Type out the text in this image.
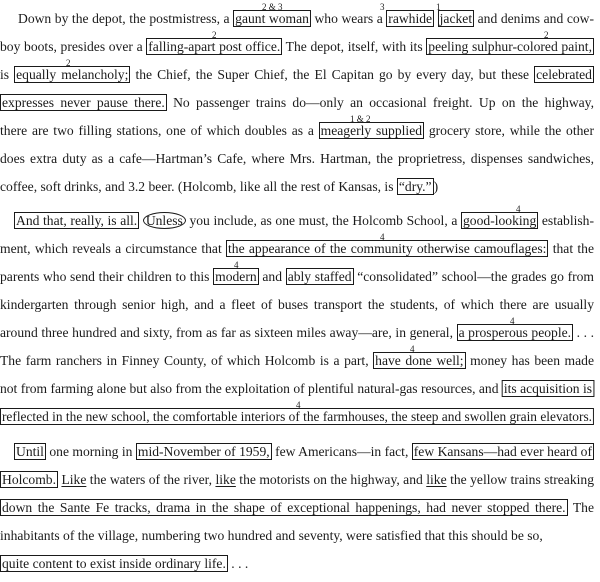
Down by the depot, the postmistress, a gaunt woman who wears a rawhide jacket and denims and cow-
boy boots, presides over a falling-apart post office. The depot, itself, with its peeling sulphur-colored paint,
is equally melancholy; the Chief, the Super Chief, the El Capitan go by every day, but these celebrated
expresses never pause there. No passenger trains do—only an occasional freight. Up on the highway,
there are two filling stations, one of which doubles as a meagerly supplied grocery store, while the other
does extra duty as a cafe—Hartman’s Cafe, where Mrs. Hartman, the proprietress, dispenses sandwiches,
coffee, soft drinks, and 3.2 beer. (Holcomb, like all the rest of Kansas, is “dry.” )
And that, really, is all. Unless you include, as one must, the Holcomb School, a good-looking establish-
ment, which reveals a circumstance that the appearance of the community otherwise camouflages: that the
parents who send their children to this modern and ably staffed “consolidated” school—the grades go from
kindergarten through senior high, and a fleet of buses transport the students, of which there are usually
around three hundred and sixty, from as far as sixteen miles away—are, in general, a prosperous people. . . .
The farm ranchers in Finney County, of which Holcomb is a part, have done well; money has been made
not from farming alone but also from the exploitation of plentiful natural-gas resources, and its acquisition is
reflected in the new school, the comfortable interiors of the farmhouses, the steep and swollen grain elevators.
Until one morning in mid-November of 1959, few Americans—in fact, few Kansans—had ever heard of
Holcomb. Like the waters of the river, like the motorists on the highway, and like the yellow trains streaking
down the Sante Fe tracks, drama in the shape of exceptional happenings, had never stopped there. The
inhabitants of the village, numbering two hundred and seventy, were satisfied that this should be so,
quite content to exist inside ordinary life. . . .
2 & 3	3	1
2	2
2
1 & 2
4
4
4
4
4
4
